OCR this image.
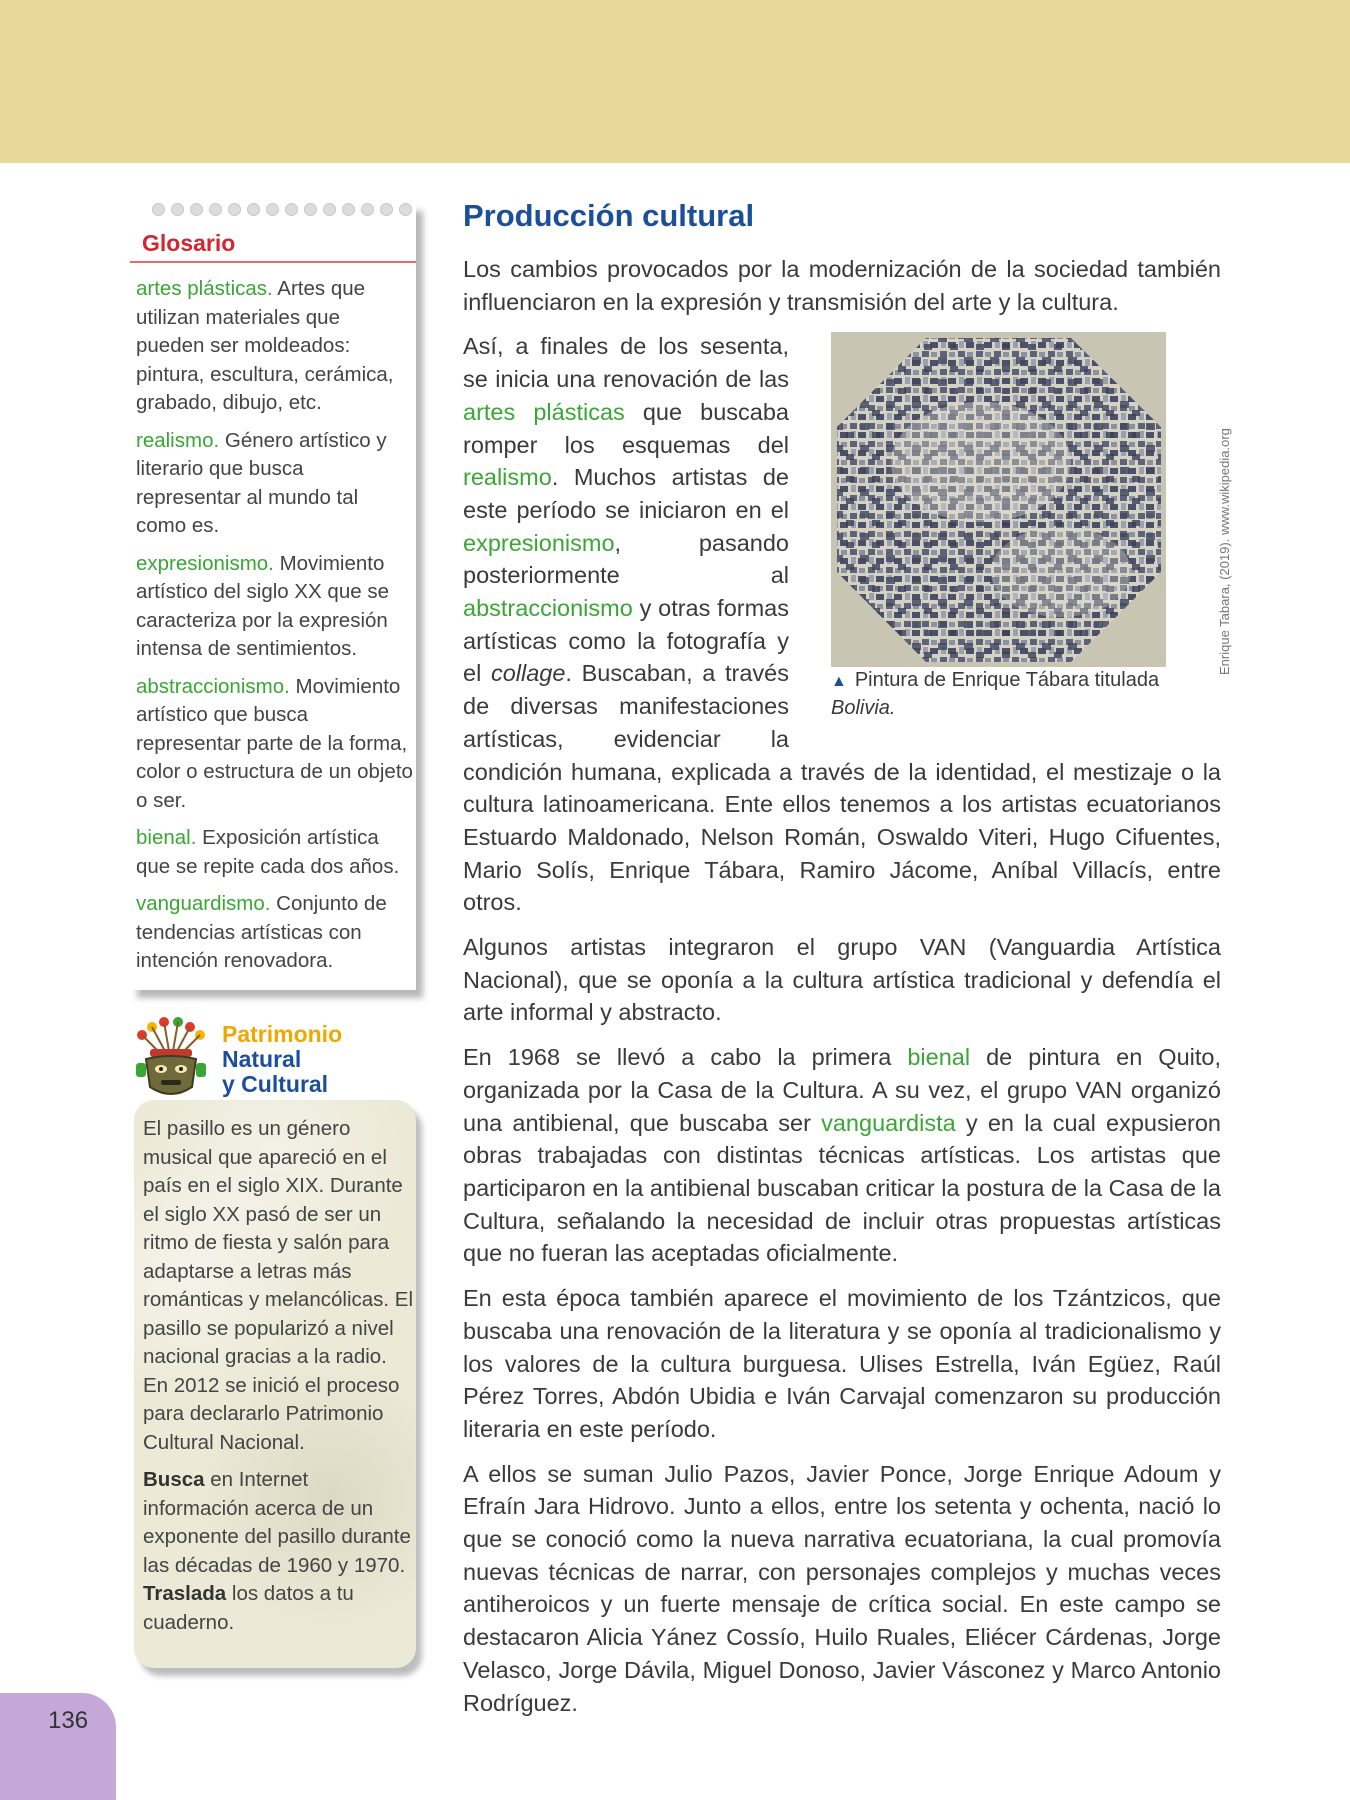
Glosario
artes plásticas. Artes que utilizan materiales que pueden ser moldeados: pintura, escultura, cerámica, grabado, dibujo, etc.
realismo. Género artístico y literario que busca representar al mundo tal como es.
expresionismo. Movimiento artístico del siglo XX que se caracteriza por la expresión intensa de sentimientos.
abstraccionismo. Movimiento artístico que busca representar parte de la forma, color o estructura de un objeto o ser.
bienal. Exposición artística que se repite cada dos años.
vanguardismo. Conjunto de tendencias artísticas con intención renovadora.
Patrimonio
Natural
y Cultural

El pasillo es un género musical que apareció en el país en el siglo XIX. Durante el siglo XX pasó de ser un ritmo de fiesta y salón para adaptarse a letras más románticas y melancólicas. El pasillo se popularizó a nivel nacional gracias a la radio. En 2012 se inició el proceso para declararlo Patrimonio Cultural Nacional.

Busca en Internet información acerca de un exponente del pasillo durante las décadas de 1960 y 1970. Traslada los datos a tu cuaderno.

Producción cultural

Los cambios provocados por la modernización de la sociedad también influenciaron en la expresión y transmisión del arte y la cultura.

▲ Pintura de Enrique Tábara titulada
Bolivia.

Así, a finales de los sesenta, se inicia una renovación de las artes plásticas que buscaba romper los esquemas del realismo. Muchos artistas de este período se iniciaron en el expresionismo, pasando posteriormente al abstraccionismo y otras formas artísticas como la fotografía y el collage. Buscaban, a través de diversas manifestaciones artísticas, evidenciar la condición humana, explicada a través de la identidad, el mestizaje o la cultura latinoamericana. Ente ellos tenemos a los artistas ecuatorianos Estuardo Maldonado, Nelson Román, Oswaldo Viteri, Hugo Cifuentes, Mario Solís, Enrique Tábara, Ramiro Jácome, Aníbal Villacís, entre otros.

Algunos artistas integraron el grupo VAN (Vanguardia Artística Nacional), que se oponía a la cultura artística tradicional y defendía el arte informal y abstracto.

En 1968 se llevó a cabo la primera bienal de pintura en Quito, organizada por la Casa de la Cultura. A su vez, el grupo VAN organizó una antibienal, que buscaba ser vanguardista y en la cual expusieron obras trabajadas con distintas técnicas artísticas. Los artistas que participaron en la antibienal buscaban criticar la postura de la Casa de la Cultura, señalando la necesidad de incluir otras propuestas artísticas que no fueran las aceptadas oficialmente.

En esta época también aparece el movimiento de los Tzántzicos, que buscaba una renovación de la literatura y se oponía al tradicionalismo y los valores de la cultura burguesa. Ulises Estrella, Iván Egüez, Raúl Pérez Torres, Abdón Ubidia e Iván Carvajal comenzaron su producción literaria en este período.

A ellos se suman Julio Pazos, Javier Ponce, Jorge Enrique Adoum y Efraín Jara Hidrovo. Junto a ellos, entre los setenta y ochenta, nació lo que se conoció como la nueva narrativa ecuatoriana, la cual promovía nuevas técnicas de narrar, con personajes complejos y muchas veces antiheroicos y un fuerte mensaje de crítica social. En este campo se destacaron Alicia Yánez Cossío, Huilo Ruales, Eliécer Cárdenas, Jorge Velasco, Jorge Dávila, Miguel Donoso, Javier Vásconez y Marco Antonio Rodríguez.

Enrique Tabara, (2019). www.wikipedia.org
136
